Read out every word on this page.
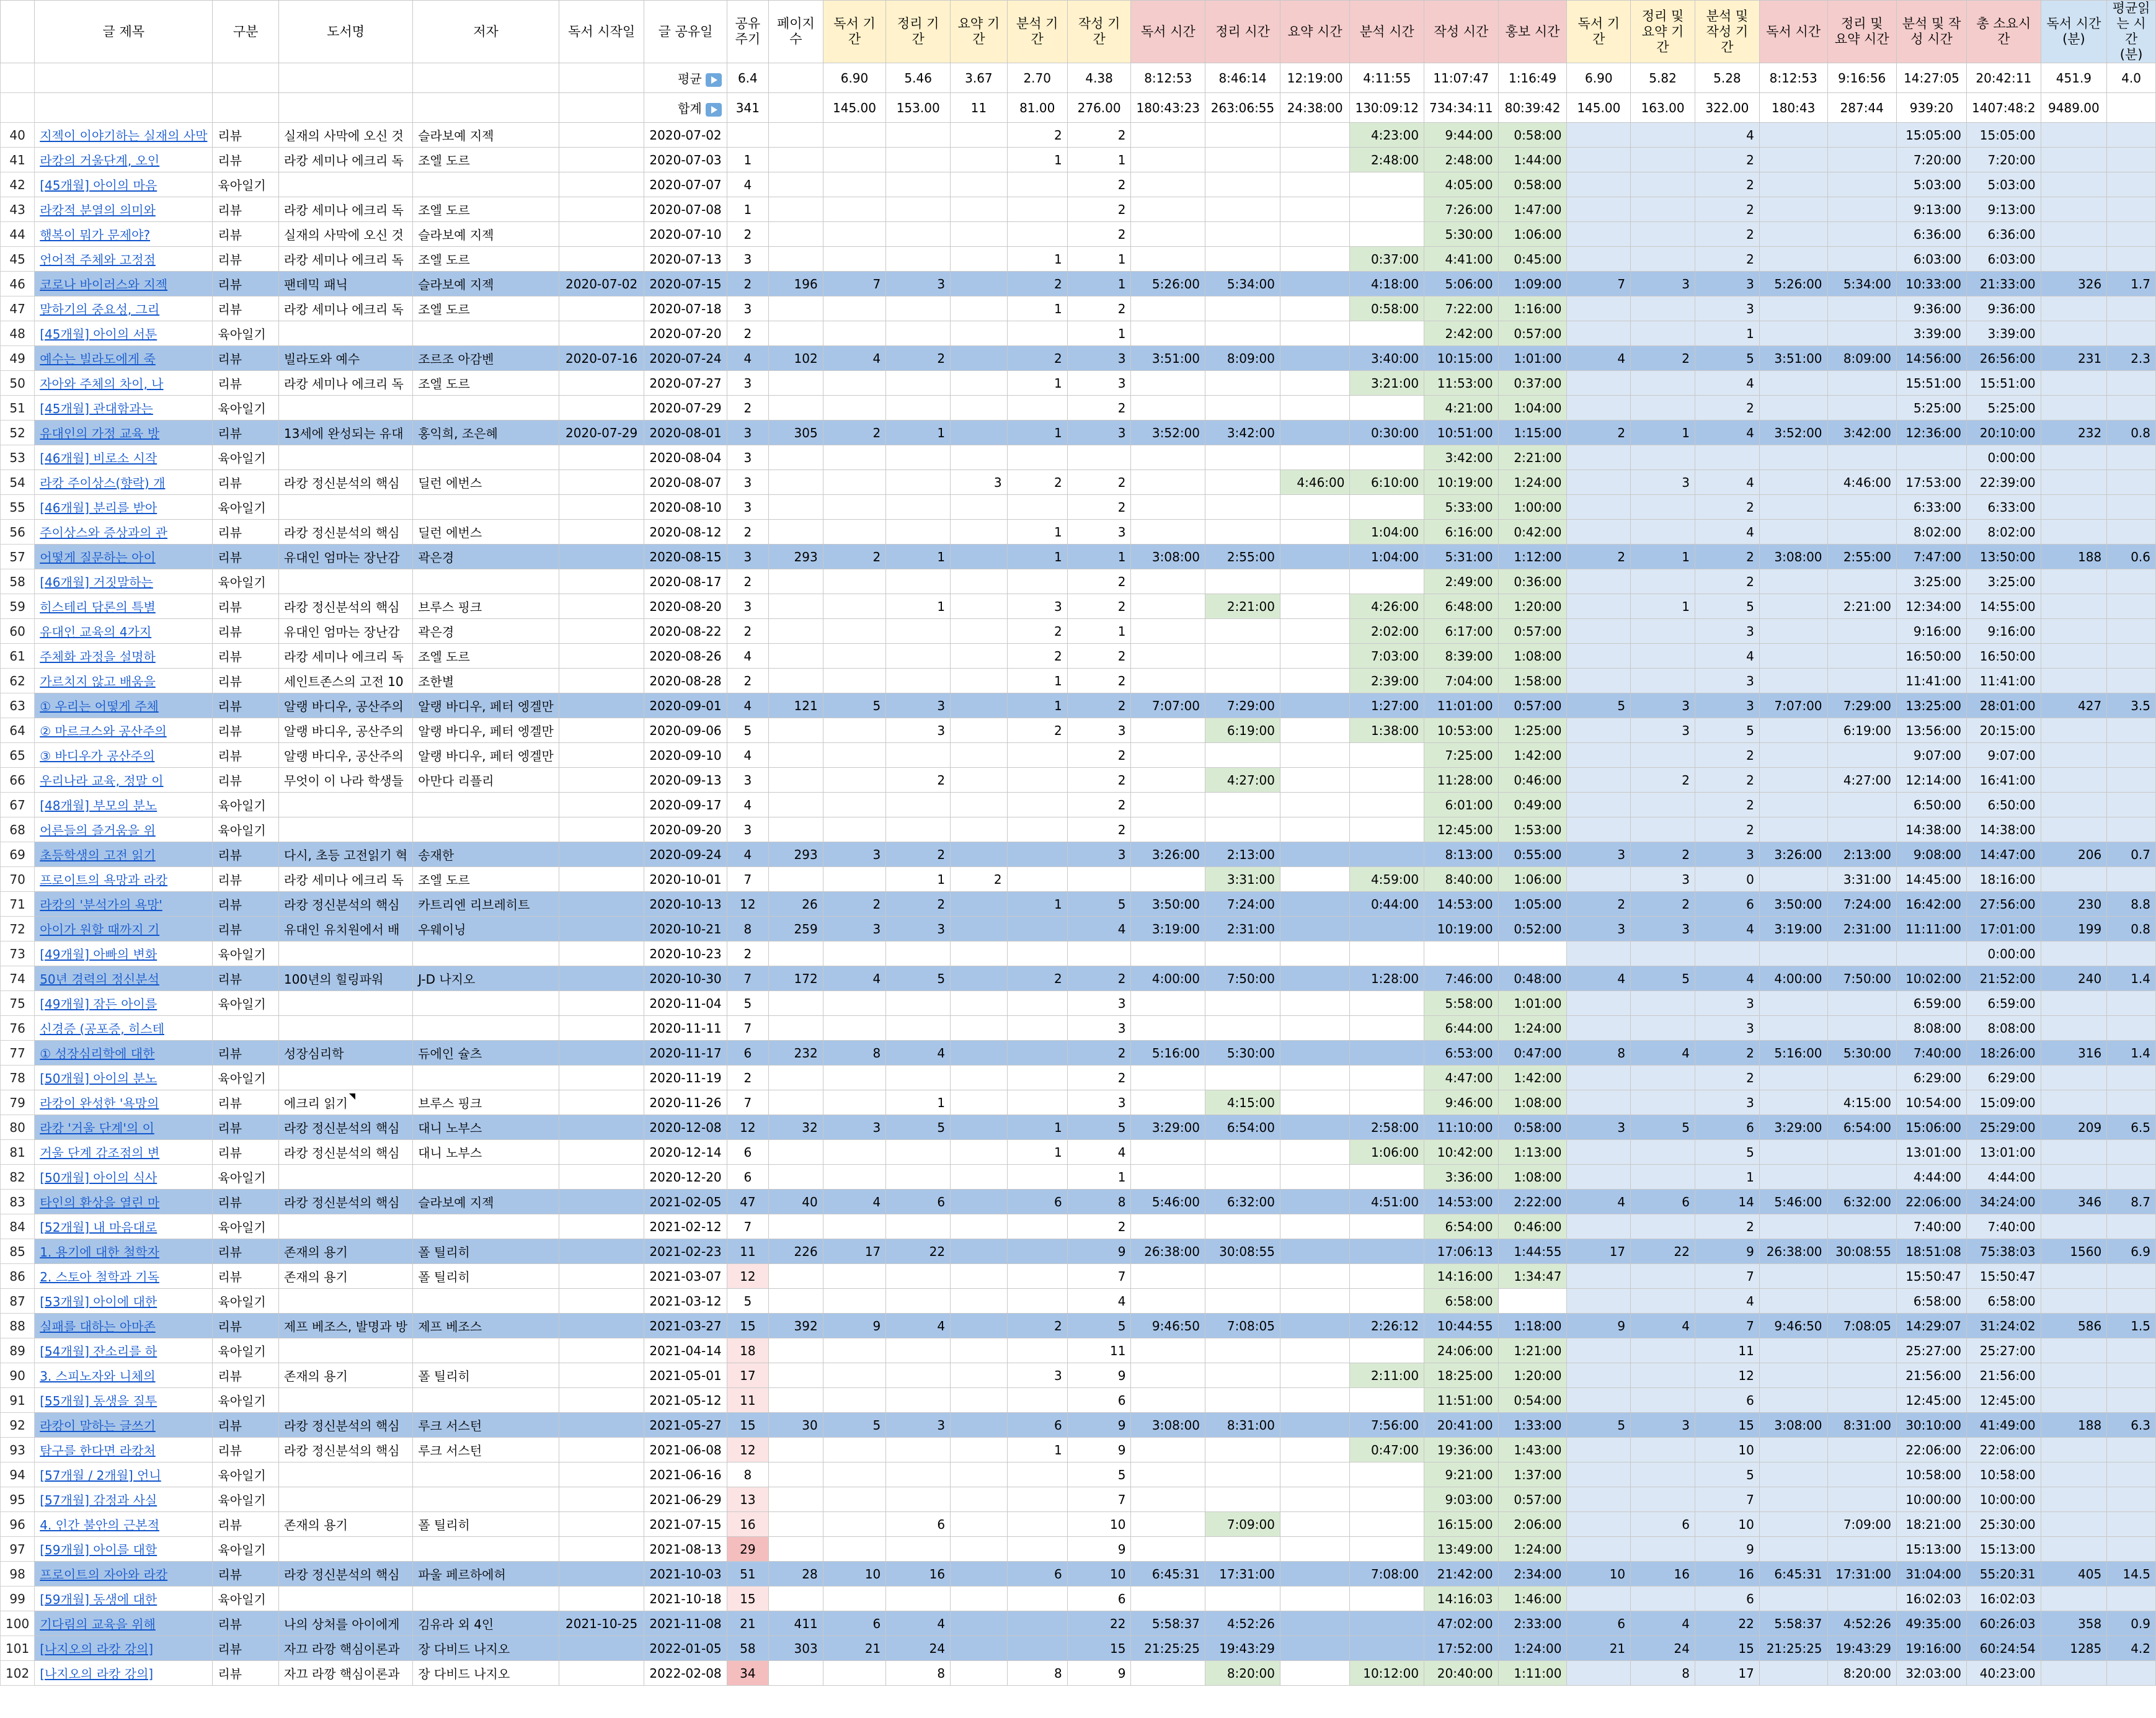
	글 제목	구분	도서명	저자	독서 시작일	글 공유일	공유 주기	페이지 수	독서 기간	정리 기간	요약 기간	분석 기간	작성 기간	독서 시간	정리 시간	요약 시간	분석 시간	작성 시간	홍보 시간	독서 기간	정리 및 요약 기간	분석 및 작성 기간	독서 시간	정리 및 요약 시간	분석 및 작성 시간	총 소요시간	독서 시간 (분)	평균읽는 시간 (분)
						평균	6.4		6.90	5.46	3.67	2.70	4.38	8:12:53	8:46:14	12:19:00	4:11:55	11:07:47	1:16:49	6.90	5.82	5.28	8:12:53	9:16:56	14:27:05	20:42:11	451.9	4.0
						합계	341		145.00	153.00	11	81.00	276.00	180:43:23	263:06:55	24:38:00	130:09:12	734:34:11	80:39:42	145.00	163.00	322.00	180:43	287:44	939:20	1407:48:2	9489.00	
40	지젝이 이야기하는 실재의 사막	리뷰	실재의 사막에 오신 것	슬라보예 지젝		2020-07-02						2	2				4:23:00	9:44:00	0:58:00			4			15:05:00	15:05:00		
41	라캉의 거울단계, 오인	리뷰	라캉 세미나 에크리 독	조엘 도르		2020-07-03	1					1	1				2:48:00	2:48:00	1:44:00			2			7:20:00	7:20:00		
42	[45개월] 아이의 마음	육아일기				2020-07-07	4						2					4:05:00	0:58:00			2			5:03:00	5:03:00		
43	라캉적 분열의 의미와	리뷰	라캉 세미나 에크리 독	조엘 도르		2020-07-08	1						2					7:26:00	1:47:00			2			9:13:00	9:13:00		
44	행복이 뭐가 문제야?	리뷰	실재의 사막에 오신 것	슬라보예 지젝		2020-07-10	2						2					5:30:00	1:06:00			2			6:36:00	6:36:00		
45	언어적 주체와 고정점	리뷰	라캉 세미나 에크리 독	조엘 도르		2020-07-13	3					1	1				0:37:00	4:41:00	0:45:00			2			6:03:00	6:03:00		
46	코로나 바이러스와 지젝	리뷰	팬데믹 패닉	슬라보예 지젝	2020-07-02	2020-07-15	2	196	7	3		2	1	5:26:00	5:34:00		4:18:00	5:06:00	1:09:00	7	3	3	5:26:00	5:34:00	10:33:00	21:33:00	326	1.7
47	말하기의 중요성, 그리	리뷰	라캉 세미나 에크리 독	조엘 도르		2020-07-18	3					1	2				0:58:00	7:22:00	1:16:00			3			9:36:00	9:36:00		
48	[45개월] 아이의 서툰	육아일기				2020-07-20	2						1					2:42:00	0:57:00			1			3:39:00	3:39:00		
49	예수는 빌라도에게 죽	리뷰	빌라도와 예수	조르조 아감벤	2020-07-16	2020-07-24	4	102	4	2		2	3	3:51:00	8:09:00		3:40:00	10:15:00	1:01:00	4	2	5	3:51:00	8:09:00	14:56:00	26:56:00	231	2.3
50	자아와 주체의 차이, 나	리뷰	라캉 세미나 에크리 독	조엘 도르		2020-07-27	3					1	3				3:21:00	11:53:00	0:37:00			4			15:51:00	15:51:00		
51	[45개월] 관대함과는	육아일기				2020-07-29	2						2					4:21:00	1:04:00			2			5:25:00	5:25:00		
52	유대인의 가정 교육 방	리뷰	13세에 완성되는 유대	홍익희, 조은혜	2020-07-29	2020-08-01	3	305	2	1		1	3	3:52:00	3:42:00		0:30:00	10:51:00	1:15:00	2	1	4	3:52:00	3:42:00	12:36:00	20:10:00	232	0.8
53	[46개월] 비로소 시작	육아일기				2020-08-04	3											3:42:00	2:21:00							0:00:00		
54	라캉 주이상스(향락) 개	리뷰	라캉 정신분석의 핵심	딜런 에번스		2020-08-07	3				3	2	2			4:46:00	6:10:00	10:19:00	1:24:00		3	4		4:46:00	17:53:00	22:39:00		
55	[46개월] 분리를 받아	육아일기				2020-08-10	3						2					5:33:00	1:00:00			2			6:33:00	6:33:00		
56	주이상스와 증상과의 관	리뷰	라캉 정신분석의 핵심	딜런 에번스		2020-08-12	2					1	3				1:04:00	6:16:00	0:42:00			4			8:02:00	8:02:00		
57	어떻게 질문하는 아이	리뷰	유대인 엄마는 장난감	곽은경		2020-08-15	3	293	2	1		1	1	3:08:00	2:55:00		1:04:00	5:31:00	1:12:00	2	1	2	3:08:00	2:55:00	7:47:00	13:50:00	188	0.6
58	[46개월] 거짓말하는	육아일기				2020-08-17	2						2					2:49:00	0:36:00			2			3:25:00	3:25:00		
59	히스테리 담론의 특별	리뷰	라캉 정신분석의 핵심	브루스 핑크		2020-08-20	3			1		3	2		2:21:00		4:26:00	6:48:00	1:20:00		1	5		2:21:00	12:34:00	14:55:00		
60	유대인 교육의 4가지	리뷰	유대인 엄마는 장난감	곽은경		2020-08-22	2					2	1				2:02:00	6:17:00	0:57:00			3			9:16:00	9:16:00		
61	주체화 과정을 설명하	리뷰	라캉 세미나 에크리 독	조엘 도르		2020-08-26	4					2	2				7:03:00	8:39:00	1:08:00			4			16:50:00	16:50:00		
62	가르치지 않고 배움을	리뷰	세인트존스의 고전 10	조한별		2020-08-28	2					1	2				2:39:00	7:04:00	1:58:00			3			11:41:00	11:41:00		
63	① 우리는 어떻게 주체	리뷰	알랭 바디우, 공산주의	알랭 바디우, 페터 엥겔만		2020-09-01	4	121	5	3		1	2	7:07:00	7:29:00		1:27:00	11:01:00	0:57:00	5	3	3	7:07:00	7:29:00	13:25:00	28:01:00	427	3.5
64	② 마르크스와 공산주의	리뷰	알랭 바디우, 공산주의	알랭 바디우, 페터 엥겔만		2020-09-06	5			3		2	3		6:19:00		1:38:00	10:53:00	1:25:00		3	5		6:19:00	13:56:00	20:15:00		
65	③ 바디우가 공산주의	리뷰	알랭 바디우, 공산주의	알랭 바디우, 페터 엥겔만		2020-09-10	4						2					7:25:00	1:42:00			2			9:07:00	9:07:00		
66	우리나라 교육, 정말 이	리뷰	무엇이 이 나라 학생들	아만다 리플리		2020-09-13	3			2			2		4:27:00			11:28:00	0:46:00		2	2		4:27:00	12:14:00	16:41:00		
67	[48개월] 부모의 분노	육아일기				2020-09-17	4						2					6:01:00	0:49:00			2			6:50:00	6:50:00		
68	어른들의 즐거움을 위	육아일기				2020-09-20	3						2					12:45:00	1:53:00			2			14:38:00	14:38:00		
69	초등학생의 고전 읽기	리뷰	다시, 초등 고전읽기 혁	송재한		2020-09-24	4	293	3	2			3	3:26:00	2:13:00			8:13:00	0:55:00	3	2	3	3:26:00	2:13:00	9:08:00	14:47:00	206	0.7
70	프로이트의 욕망과 라캉	리뷰	라캉 세미나 에크리 독	조엘 도르		2020-10-01	7			1	2				3:31:00		4:59:00	8:40:00	1:06:00		3	0		3:31:00	14:45:00	18:16:00		
71	라캉의 '분석가의 욕망'	리뷰	라캉 정신분석의 핵심	카트리엔 리브레히트		2020-10-13	12	26	2	2		1	5	3:50:00	7:24:00		0:44:00	14:53:00	1:05:00	2	2	6	3:50:00	7:24:00	16:42:00	27:56:00	230	8.8
72	아이가 원할 때까지 기	리뷰	유대인 유치원에서 배	우웨이닝		2020-10-21	8	259	3	3			4	3:19:00	2:31:00			10:19:00	0:52:00	3	3	4	3:19:00	2:31:00	11:11:00	17:01:00	199	0.8
73	[49개월] 아빠의 변화	육아일기				2020-10-23	2																			0:00:00		
74	50년 경력의 정신분석	리뷰	100년의 힐링파워	J-D 나지오		2020-10-30	7	172	4	5		2	2	4:00:00	7:50:00		1:28:00	7:46:00	0:48:00	4	5	4	4:00:00	7:50:00	10:02:00	21:52:00	240	1.4
75	[49개월] 잠든 아이를	육아일기				2020-11-04	5						3					5:58:00	1:01:00			3			6:59:00	6:59:00		
76	신경증 (공포증, 히스테					2020-11-11	7						3					6:44:00	1:24:00			3			8:08:00	8:08:00		
77	① 성장심리학에 대한	리뷰	성장심리학	듀에인 슐츠		2020-11-17	6	232	8	4			2	5:16:00	5:30:00			6:53:00	0:47:00	8	4	2	5:16:00	5:30:00	7:40:00	18:26:00	316	1.4
78	[50개월] 아이의 분노	육아일기				2020-11-19	2						2					4:47:00	1:42:00			2			6:29:00	6:29:00		
79	라캉이 완성한 '욕망의	리뷰	에크리 읽기	브루스 핑크		2020-11-26	7			1			3		4:15:00			9:46:00	1:08:00			3		4:15:00	10:54:00	15:09:00		
80	라캉 '거울 단계'의 이	리뷰	라캉 정신분석의 핵심	대니 노부스		2020-12-08	12	32	3	5		1	5	3:29:00	6:54:00		2:58:00	11:10:00	0:58:00	3	5	6	3:29:00	6:54:00	15:06:00	25:29:00	209	6.5
81	거울 단계 감조점의 변	리뷰	라캉 정신분석의 핵심	대니 노부스		2020-12-14	6					1	4				1:06:00	10:42:00	1:13:00			5			13:01:00	13:01:00		
82	[50개월] 아이의 식사	육아일기				2020-12-20	6						1					3:36:00	1:08:00			1			4:44:00	4:44:00		
83	타인의 환상을 열린 마	리뷰	라캉 정신분석의 핵심	슬라보예 지젝		2021-02-05	47	40	4	6		6	8	5:46:00	6:32:00		4:51:00	14:53:00	2:22:00	4	6	14	5:46:00	6:32:00	22:06:00	34:24:00	346	8.7
84	[52개월] 내 마음대로	육아일기				2021-02-12	7						2					6:54:00	0:46:00			2			7:40:00	7:40:00		
85	1. 용기에 대한 철학자	리뷰	존재의 용기	폴 틸리히		2021-02-23	11	226	17	22			9	26:38:00	30:08:55			17:06:13	1:44:55	17	22	9	26:38:00	30:08:55	18:51:08	75:38:03	1560	6.9
86	2. 스토아 철학과 기독	리뷰	존재의 용기	폴 틸리히		2021-03-07	12						7					14:16:00	1:34:47			7			15:50:47	15:50:47		
87	[53개월] 아이에 대한	육아일기				2021-03-12	5						4					6:58:00				4			6:58:00	6:58:00		
88	실패를 대하는 아마존	리뷰	제프 베조스, 발명과 방	제프 베조스		2021-03-27	15	392	9	4		2	5	9:46:50	7:08:05		2:26:12	10:44:55	1:18:00	9	4	7	9:46:50	7:08:05	14:29:07	31:24:02	586	1.5
89	[54개월] 잔소리를 하	육아일기				2021-04-14	18						11					24:06:00	1:21:00			11			25:27:00	25:27:00		
90	3. 스피노자와 니체의	리뷰	존재의 용기	폴 틸리히		2021-05-01	17					3	9				2:11:00	18:25:00	1:20:00			12			21:56:00	21:56:00		
91	[55개월] 동생을 질투	육아일기				2021-05-12	11						6					11:51:00	0:54:00			6			12:45:00	12:45:00		
92	라캉이 말하는 글쓰기	리뷰	라캉 정신분석의 핵심	루크 서스턴		2021-05-27	15	30	5	3		6	9	3:08:00	8:31:00		7:56:00	20:41:00	1:33:00	5	3	15	3:08:00	8:31:00	30:10:00	41:49:00	188	6.3
93	탐구를 한다면 라캉처	리뷰	라캉 정신분석의 핵심	루크 서스턴		2021-06-08	12					1	9				0:47:00	19:36:00	1:43:00			10			22:06:00	22:06:00		
94	[57개월 / 2개월] 언니	육아일기				2021-06-16	8						5					9:21:00	1:37:00			5			10:58:00	10:58:00		
95	[57개월] 감정과 사실	육아일기				2021-06-29	13						7					9:03:00	0:57:00			7			10:00:00	10:00:00		
96	4. 인간 불안의 근본적	리뷰	존재의 용기	폴 틸리히		2021-07-15	16			6			10		7:09:00			16:15:00	2:06:00		6	10		7:09:00	18:21:00	25:30:00		
97	[59개월] 아이를 대할	육아일기				2021-08-13	29						9					13:49:00	1:24:00			9			15:13:00	15:13:00		
98	프로이트의 자아와 라캉	리뷰	라캉 정신분석의 핵심	파울 페르하에허		2021-10-03	51	28	10	16		6	10	6:45:31	17:31:00		7:08:00	21:42:00	2:34:00	10	16	16	6:45:31	17:31:00	31:04:00	55:20:31	405	14.5
99	[59개월] 동생에 대한	육아일기				2021-10-18	15						6					14:16:03	1:46:00			6			16:02:03	16:02:03		
100	기다림의 교육을 위해	리뷰	나의 상처를 아이에게	김유라 외 4인	2021-10-25	2021-11-08	21	411	6	4			22	5:58:37	4:52:26			47:02:00	2:33:00	6	4	22	5:58:37	4:52:26	49:35:00	60:26:03	358	0.9
101	[나지오의 라캉 강의]	리뷰	자끄 라깡 핵심이론과	장 다비드 나지오		2022-01-05	58	303	21	24			15	21:25:25	19:43:29			17:52:00	1:24:00	21	24	15	21:25:25	19:43:29	19:16:00	60:24:54	1285	4.2
102	[나지오의 라캉 강의]	리뷰	자끄 라깡 핵심이론과	장 다비드 나지오		2022-02-08	34			8		8	9		8:20:00		10:12:00	20:40:00	1:11:00		8	17		8:20:00	32:03:00	40:23:00		
